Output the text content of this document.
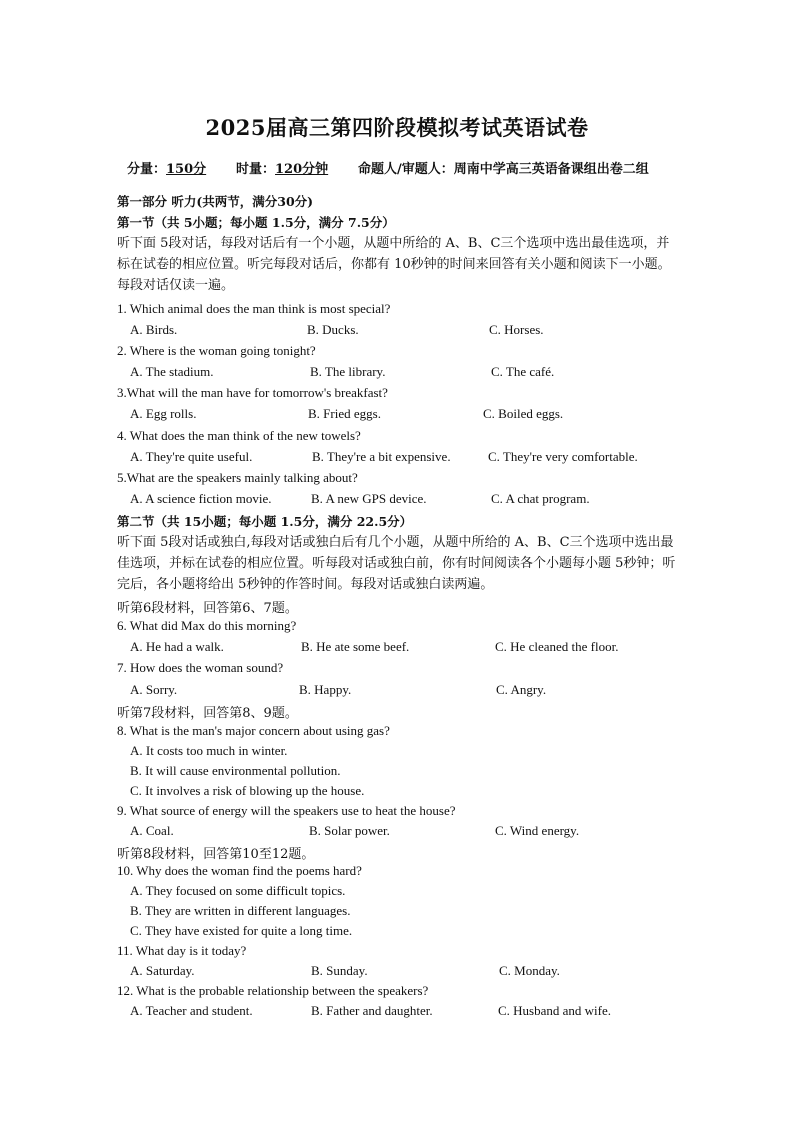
2025届高三第四阶段模拟考试英语试卷
分量：150分 时量：120分钟 命题人/审题人：周南中学高三英语备课组出卷二组
第一部分 听力(共两节，满分30分)
第一节（共 5小题；每小题 1.5分，满分 7.5分）
听下面 5段对话，每段对话后有一个小题，从题中所给的 A、B、C三个选项中选出最佳选项，并标在试卷的相应位置。听完每段对话后，你都有 10秒钟的时间来回答有关小题和阅读下一小题。每段对话仅读一遍。
1. Which animal does the man think is most special?
A. Birds.	B. Ducks.	C. Horses.
2. Where is the woman going tonight?
A. The stadium.	B. The library.	C. The café.
3.What will the man have for tomorrow's breakfast?
A. Egg rolls.	B. Fried eggs.	C. Boiled eggs.
4. What does the man think of the new towels?
A. They're quite useful.	B. They're a bit expensive.	C. They're very comfortable.
5.What are the speakers mainly talking about?
A. A science fiction movie.	B. A new GPS device.	C. A chat program.
第二节（共 15小题；每小题 1.5分，满分 22.5分）
听下面 5段对话或独白,每段对话或独白后有几个小题，从题中所给的 A、B、C三个选项中选出最佳选项，并标在试卷的相应位置。听每段对话或独白前，你有时间阅读各个小题每小题 5秒钟；听完后，各小题将给出 5秒钟的作答时间。每段对话或独白读两遍。
听第6段材料，回答第6、7题。
6. What did Max do this morning?
A. He had a walk.	B. He ate some beef.	C. He cleaned the floor.
7. How does the woman sound?
A. Sorry.	B. Happy.	C. Angry.
听第7段材料，回答第8、9题。
8. What is the man's major concern about using gas?
A. It costs too much in winter.
B. It will cause environmental pollution.
C. It involves a risk of blowing up the house.
9. What source of energy will the speakers use to heat the house?
A. Coal.	B. Solar power.	C. Wind energy.
听第8段材料，回答第10至12题。
10. Why does the woman find the poems hard?
A. They focused on some difficult topics.
B. They are written in different languages.
C. They have existed for quite a long time.
11. What day is it today?
A. Saturday.	B. Sunday.	C. Monday.
12. What is the probable relationship between the speakers?
A. Teacher and student.	B. Father and daughter.	C. Husband and wife.
